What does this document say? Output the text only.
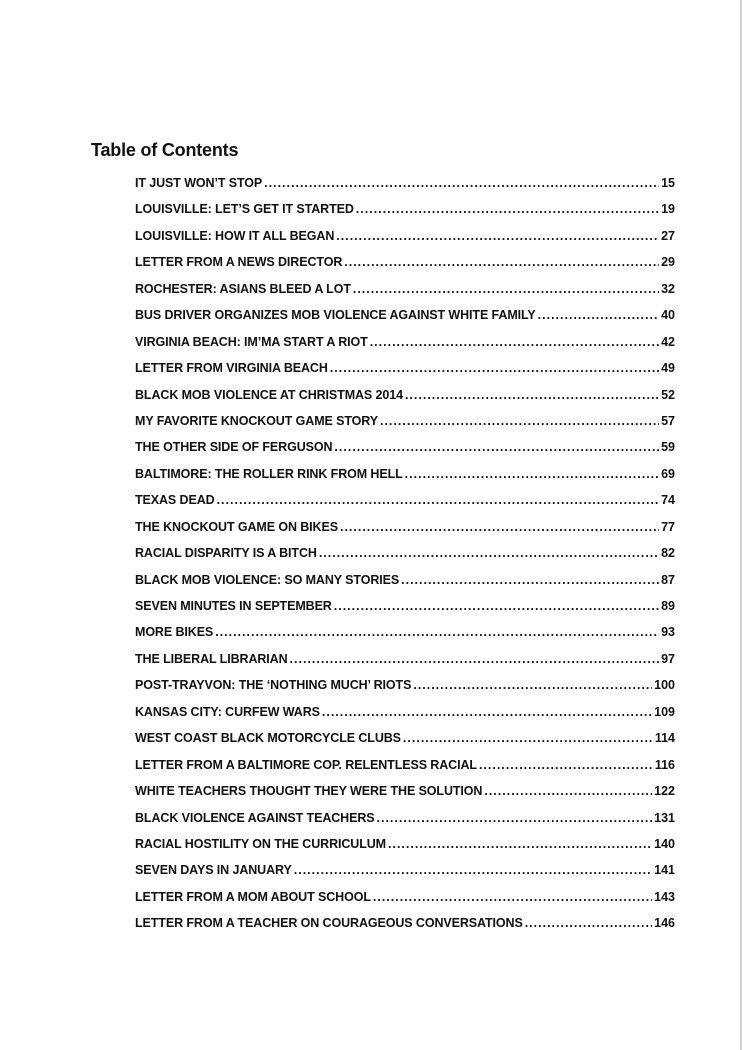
Table of Contents
IT JUST WON’T STOP .....	15
LOUISVILLE: LET’S GET IT STARTED .....	19
LOUISVILLE: HOW IT ALL BEGAN .....	27
LETTER FROM A NEWS DIRECTOR .....	29
ROCHESTER: ASIANS BLEED A LOT .....	32
BUS DRIVER ORGANIZES MOB VIOLENCE AGAINST WHITE FAMILY .....	40
VIRGINIA BEACH: IM’MA START A RIOT .....	42
LETTER FROM VIRGINIA BEACH .....	49
BLACK MOB VIOLENCE AT CHRISTMAS 2014 .....	52
MY FAVORITE KNOCKOUT GAME STORY .....	57
THE OTHER SIDE OF FERGUSON .....	59
BALTIMORE: THE ROLLER RINK FROM HELL .....	69
TEXAS DEAD .....	74
THE KNOCKOUT GAME ON BIKES .....	77
RACIAL DISPARITY IS A BITCH .....	82
BLACK MOB VIOLENCE: SO MANY STORIES .....	87
SEVEN MINUTES IN SEPTEMBER .....	89
MORE BIKES .....	93
THE LIBERAL LIBRARIAN .....	97
POST-TRAYVON: THE ‘NOTHING MUCH’ RIOTS .....	100
KANSAS CITY: CURFEW WARS .....	109
WEST COAST BLACK MOTORCYCLE CLUBS .....	114
LETTER FROM A BALTIMORE COP. RELENTLESS RACIAL .....	116
WHITE TEACHERS THOUGHT THEY WERE THE SOLUTION .....	122
BLACK VIOLENCE AGAINST TEACHERS .....	131
RACIAL HOSTILITY ON THE CURRICULUM .....	140
SEVEN DAYS IN JANUARY .....	141
LETTER FROM A MOM ABOUT SCHOOL .....	143
LETTER FROM A TEACHER ON COURAGEOUS CONVERSATIONS .....	146
